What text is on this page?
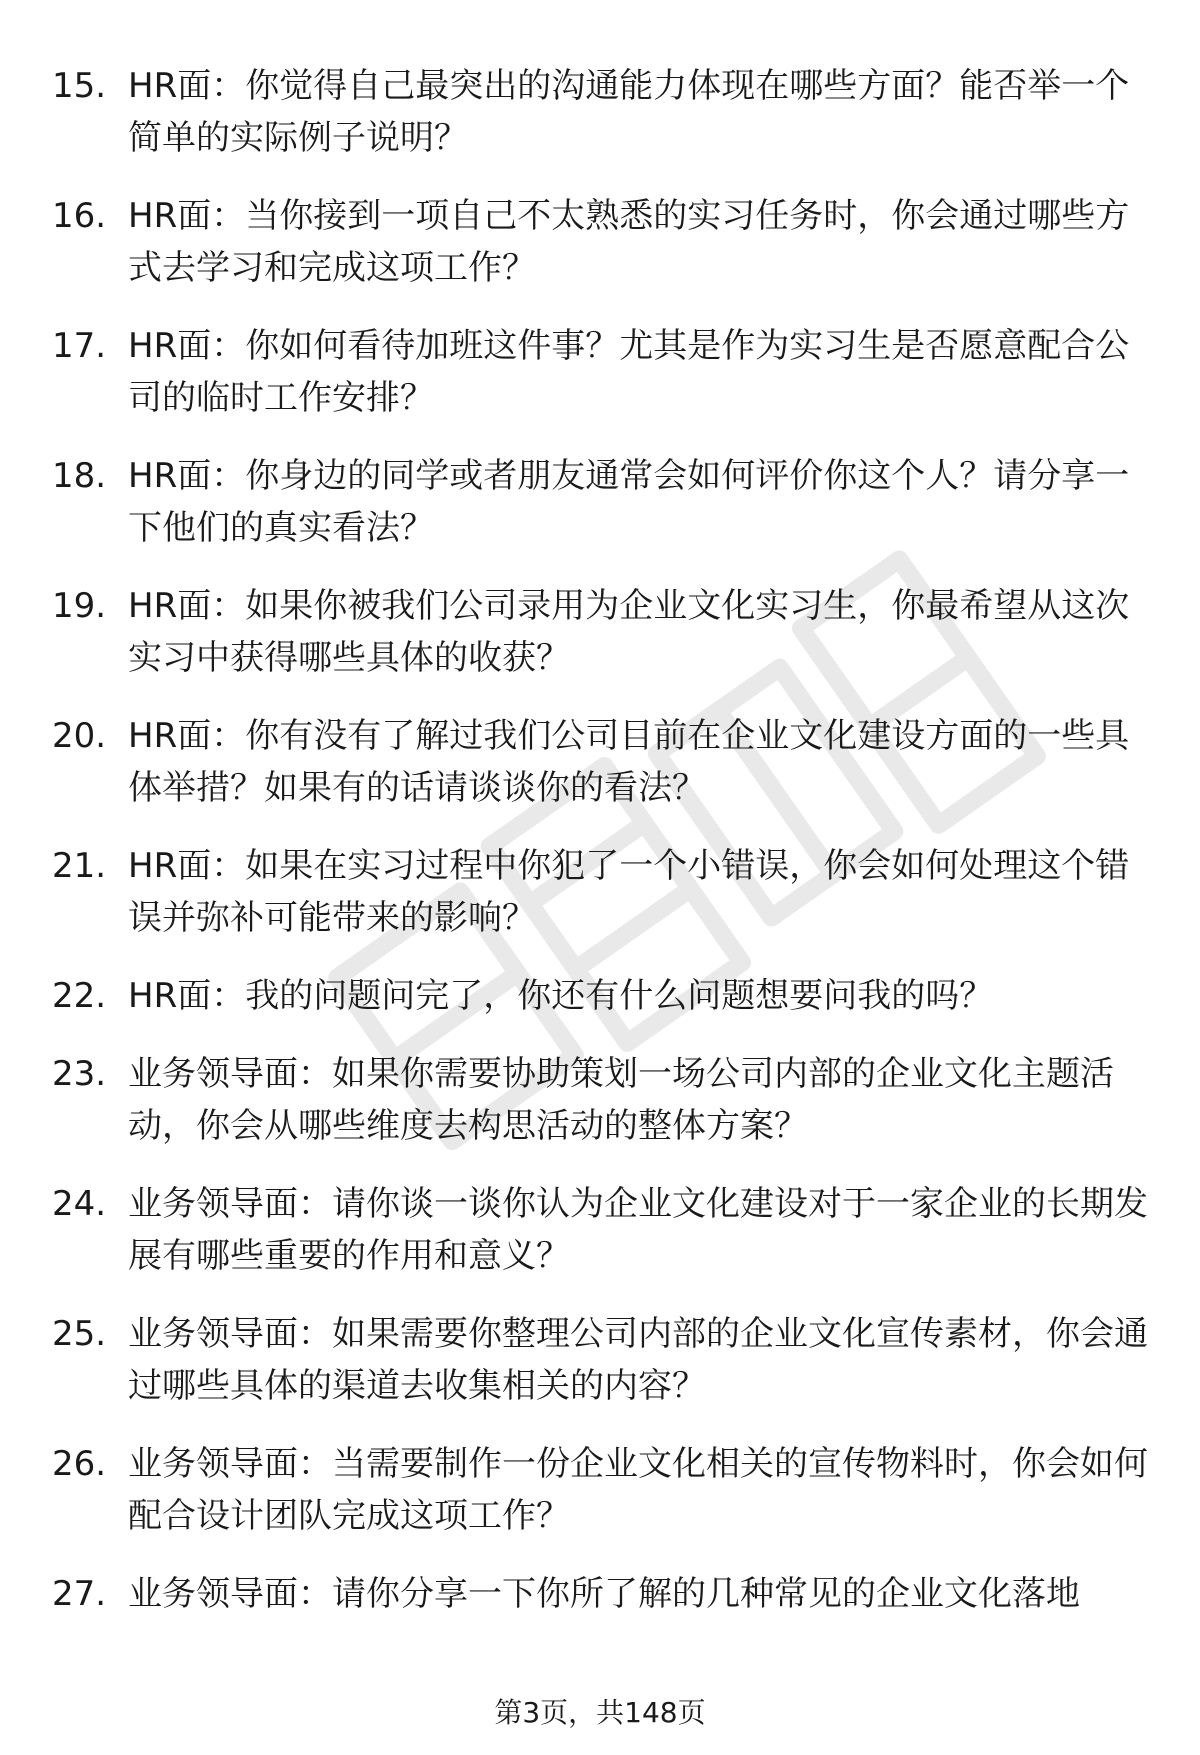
15. HR面：你觉得自己最突出的沟通能力体现在哪些方面？能否举一个简单的实际例子说明？
16. HR面：当你接到一项自己不太熟悉的实习任务时，你会通过哪些方式去学习和完成这项工作？
17. HR面：你如何看待加班这件事？尤其是作为实习生是否愿意配合公司的临时工作安排？
18. HR面：你身边的同学或者朋友通常会如何评价你这个人？请分享一下他们的真实看法？
19. HR面：如果你被我们公司录用为企业文化实习生，你最希望从这次实习中获得哪些具体的收获？
20. HR面：你有没有了解过我们公司目前在企业文化建设方面的一些具体举措？如果有的话请谈谈你的看法？
21. HR面：如果在实习过程中你犯了一个小错误，你会如何处理这个错误并弥补可能带来的影响？
22. HR面：我的问题问完了，你还有什么问题想要问我的吗？
23. 业务领导面：如果你需要协助策划一场公司内部的企业文化主题活动，你会从哪些维度去构思活动的整体方案？
24. 业务领导面：请你谈一谈你认为企业文化建设对于一家企业的长期发展有哪些重要的作用和意义？
25. 业务领导面：如果需要你整理公司内部的企业文化宣传素材，你会通过哪些具体的渠道去收集相关的内容？
26. 业务领导面：当需要制作一份企业文化相关的宣传物料时，你会如何配合设计团队完成这项工作？
27. 业务领导面：请你分享一下你所了解的几种常见的企业文化落地
第3页，共148页
